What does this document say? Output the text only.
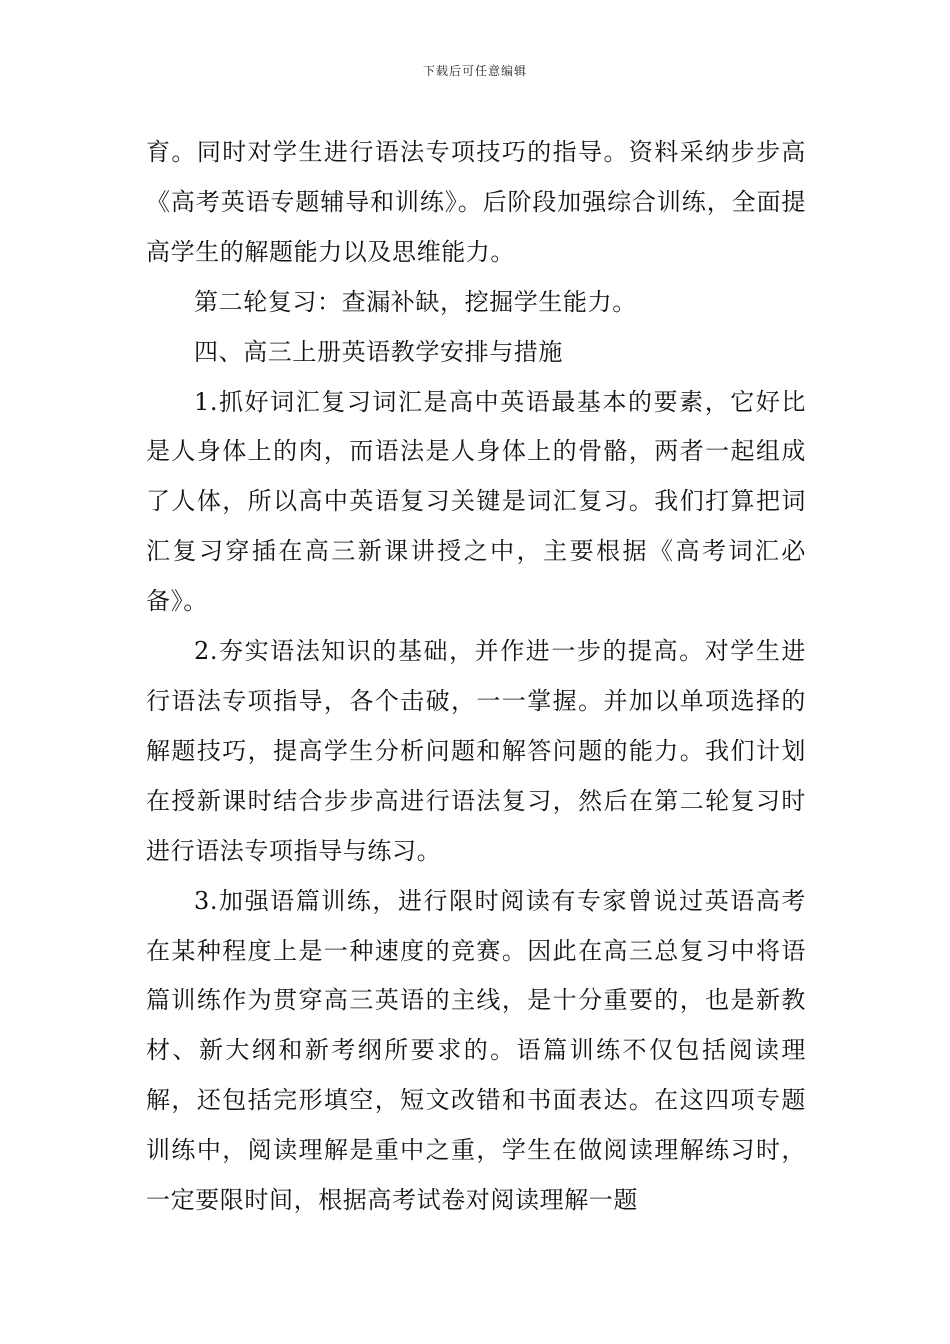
下载后可任意编辑

育。同时对学生进行语法专项技巧的指导。资料采纳步步高《高考英语专题辅导和训练》。后阶段加强综合训练，全面提高学生的解题能力以及思维能力。

第二轮复习：查漏补缺，挖掘学生能力。

四、高三上册英语教学安排与措施

1.抓好词汇复习词汇是高中英语最基本的要素，它好比是人身体上的肉，而语法是人身体上的骨骼，两者一起组成了人体，所以高中英语复习关键是词汇复习。我们打算把词汇复习穿插在高三新课讲授之中，主要根据《高考词汇必备》。

2.夯实语法知识的基础，并作进一步的提高。对学生进行语法专项指导，各个击破，一一掌握。并加以单项选择的解题技巧，提高学生分析问题和解答问题的能力。我们计划在授新课时结合步步高进行语法复习，然后在第二轮复习时进行语法专项指导与练习。

3.加强语篇训练，进行限时阅读有专家曾说过英语高考在某种程度上是一种速度的竞赛。因此在高三总复习中将语篇训练作为贯穿高三英语的主线，是十分重要的，也是新教材、新大纲和新考纲所要求的。语篇训练不仅包括阅读理解，还包括完形填空，短文改错和书面表达。在这四项专题训练中，阅读理解是重中之重，学生在做阅读理解练习时，一定要限时间，根据高考试卷对阅读理解一题
